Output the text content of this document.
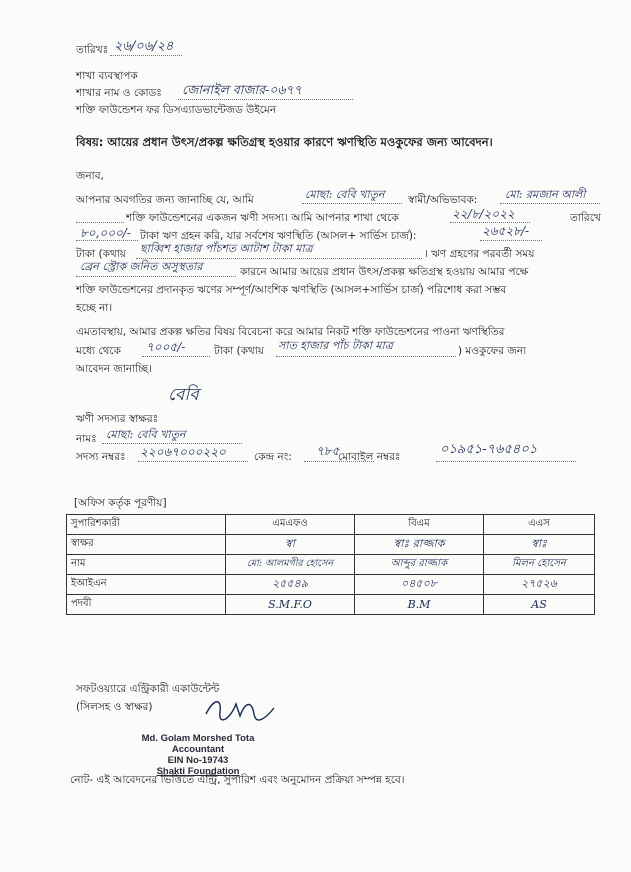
তারিখঃ ২৬/০৬/২৪
শাখা ব্যবস্থাপক
শাখার নাম ও কোডঃ জোনাইল বাজার-০৬৭৭
শক্তি ফাউন্ডেশন ফর ডিসএ্যাডভান্টেজড উইমেন
বিষয়: আয়ের প্রধান উৎস/প্রকল্প ক্ষতিগ্রস্থ হওয়ার কারণে ঋণস্থিতি মওকুফের জন্য আবেদন।
জনাব,
আপনার অবগতির জন্য জানাচ্ছি যে, আমি	মোছা: বেবি খাতুন স্বামী/অভিভাবক:	মো: রমজান আলী
শক্তি ফাউন্ডেশনের একজন ঋণী সদস্য। আমি আপনার শাখা থেকে	২২/৮/২০২২	তারিখে
৮০,০০০/- টাকা ঋণ গ্রহন করি, যার সর্বশেষ ঋণস্থিতি (আসল+ সার্ভিস চার্জ):	২৬৫২৮/-
টাকা (কথায় ছাব্বিশ হাজার পাঁচশত আটাশ টাকা মাত্র	। ঋণ গ্রহণের পরবর্তী সময়
ব্রেন স্ট্রোক জনিত অসুস্থতার	কারনে আমার আয়ের প্রধান উৎস/প্রকল্প ক্ষতিগ্রস্থ হওয়ায় আমার পক্ষে
শক্তি ফাউন্ডেশনের প্রদানকৃত ঋণের সম্পূর্ণ/আংশিক ঋণস্থিতি (আসল+সার্ভিস চার্জ) পরিশোধ করা সম্ভব
হচ্ছে না।
এমতাবস্থায়, আমার প্রকল্প ক্ষতির বিষয় বিবেচনা করে আমার নিকট শক্তি ফাউন্ডেশনের পাওনা ঋণস্থিতির
মধ্যে থেকে ৭০০৫/-	টাকা (কথায় সাত হাজার পাঁচ টাকা মাত্র	) মওকুফের জন্য
আবেদন জানাচ্ছি।
বেবি
ঋণী সদস্যর স্বাক্ষরঃ
নামঃ মোছা: বেবি খাতুন
সদস্য নম্বরঃ ২২০৬৭০০০২২০	কেন্দ্র নং: ৭৮৫
মোবাইল নম্বরঃ	০১৯৫১-৭৬৫৪০১
[অফিস কর্তৃক পূরণীয়]
সুপারিশকারী	এমএফও	বিএম	এএস
স্বাক্ষর	স্বা	স্বাঃ রাজ্জাক	স্বাঃ
নাম	মো: আলমগীর হোসেন	আব্দুর রাজ্জাক	মিলন হোসেন
ইআইএন	২৫৫৪৯	০৪৫০৮	২৭৫২৬
পদবী	S.M.F.O	B.M	AS
সফটওয়্যারে এন্ট্রিকারী একাউন্টেন্ট
(সিলসহ ও স্বাক্ষর)
Md. Golam Morshed Tota
Accountant
EIN No-19743
Shakti Foundation
নোট- এই আবেদনের ভিত্তিতে এন্ট্রি, সুপারিশ এবং অনুমোদন প্রক্রিয়া সম্পন্ন হবে।
